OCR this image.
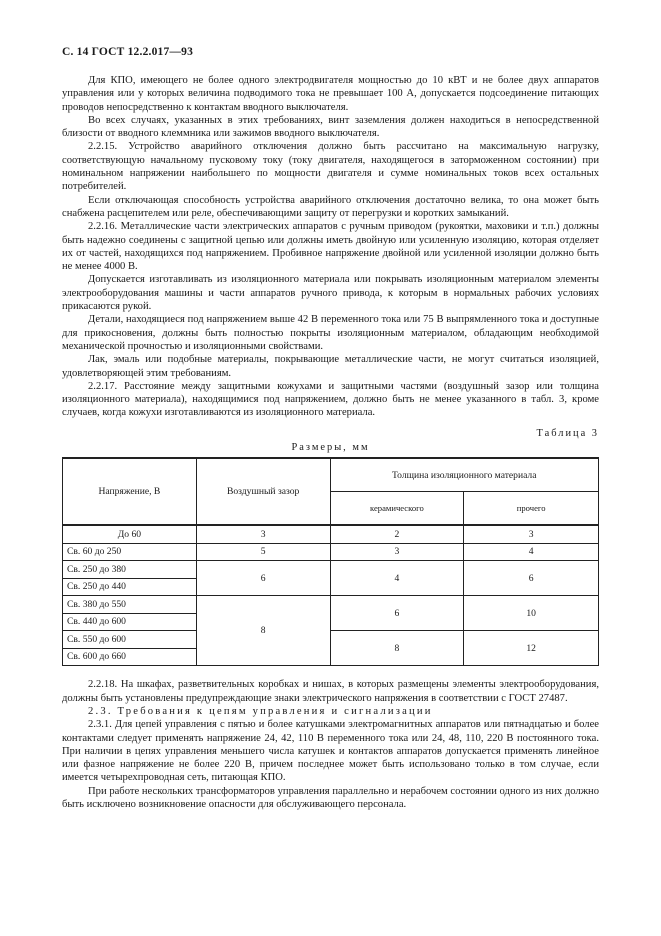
С. 14 ГОСТ 12.2.017—93

Для КПО, имеющего не более одного электродвигателя мощностью до 10 кВТ и не более двух аппаратов управления или у которых величина подводимого тока не превышает 100 А, допускается подсоединение питающих проводов непосредственно к контактам вводного выключателя.

Во всех случаях, указанных в этих требованиях, винт заземления должен находиться в непосредственной близости от вводного клеммника или зажимов вводного выключателя.

2.2.15. Устройство аварийного отключения должно быть рассчитано на максимальную нагрузку, соответствующую начальному пусковому току (току двигателя, находящегося в заторможенном состоянии) при номинальном напряжении наибольшего по мощности двигателя и сумме номинальных токов всех остальных потребителей.

Если отключающая способность устройства аварийного отключения достаточно велика, то она может быть снабжена расцепителем или реле, обеспечивающими защиту от перегрузки и коротких замыканий.

2.2.16. Металлические части электрических аппаратов с ручным приводом (рукоятки, маховики и т.п.) должны быть надежно соединены с защитной цепью или должны иметь двойную или усиленную изоляцию, которая отделяет их от частей, находящихся под напряжением. Пробивное напряжение двойной или усиленной изоляции должно быть не менее 4000 В.

Допускается изготавливать из изоляционного материала или покрывать изоляционным материалом элементы электрооборудования машины и части аппаратов ручного привода, к которым в нормальных рабочих условиях прикасаются рукой.

Детали, находящиеся под напряжением выше 42 В переменного тока или 75 В выпрямленного тока и доступные для прикосновения, должны быть полностью покрыты изоляционным материалом, обладающим необходимой механической прочностью и изоляционными свойствами.

Лак, эмаль или подобные материалы, покрывающие металлические части, не могут считаться изоляцией, удовлетворяющей этим требованиям.

2.2.17. Расстояние между защитными кожухами и защитными частями (воздушный зазор или толщина изоляционного материала), находящимися под напряжением, должно быть не менее указанного в табл. 3, кроме случаев, когда кожухи изготавливаются из изоляционного материала.

Таблица 3
Размеры, мм
Напряжение, В	Воздушный зазор	Толщина изоляционного материала	
		керамического	прочего
До 60	3	2	3
Св. 60 до 250	5	3	4
Св. 250 до 380	6	4	6
Св. 250 до 440			
Св. 380 до 550	8	6	10
Св. 440 до 600			
Св. 550 до 600		8	12
Св. 600 до 660			

2.2.18. На шкафах, разветвительных коробках и нишах, в которых размещены элементы электрооборудования, должны быть установлены предупреждающие знаки электрического напряжения в соответствии с ГОСТ 27487.

2.3. Требования к цепям управления и сигнализации

2.3.1. Для цепей управления с пятью и более катушками электромагнитных аппаратов или пятнадцатью и более контактами следует применять напряжение 24, 42, 110 В переменного тока или 24, 48, 110, 220 В постоянного тока. При наличии в цепях управления меньшего числа катушек и контактов аппаратов допускается применять линейное или фазное напряжение не более 220 В, причем последнее может быть использовано только в том случае, если имеется четырехпроводная сеть, питающая КПО.

При работе нескольких трансформаторов управления параллельно и нерабочем состоянии одного из них должно быть исключено возникновение опасности для обслуживающего персонала.
